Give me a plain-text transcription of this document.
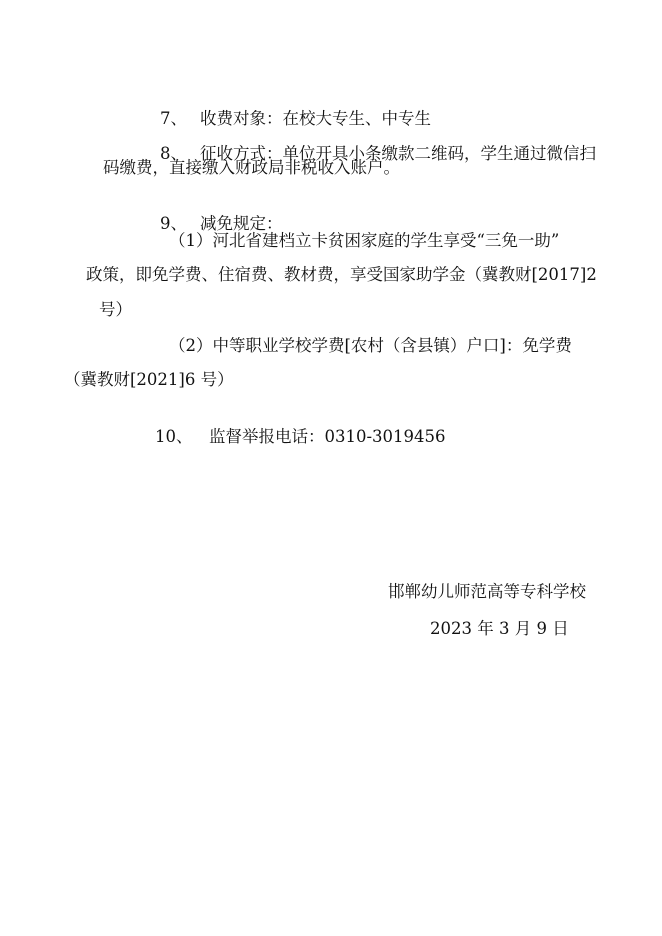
7、 收费对象：在校大专生、中专生

8、 征收方式：单位开具小条缴款二维码，学生通过微信扫

码缴费，直接缴入财政局非税收入账户。

9、 减免规定：

（1）河北省建档立卡贫困家庭的学生享受“三免一助”

政策，即免学费、住宿费、教材费，享受国家助学金（冀教财[2017]2

号）

（2）中等职业学校学费[农村（含县镇）户口]：免学费

（冀教财[2021]6 号）

10、 监督举报电话：0310-3019456

邯郸幼儿师范高等专科学校

2023 年 3 月 9 日
